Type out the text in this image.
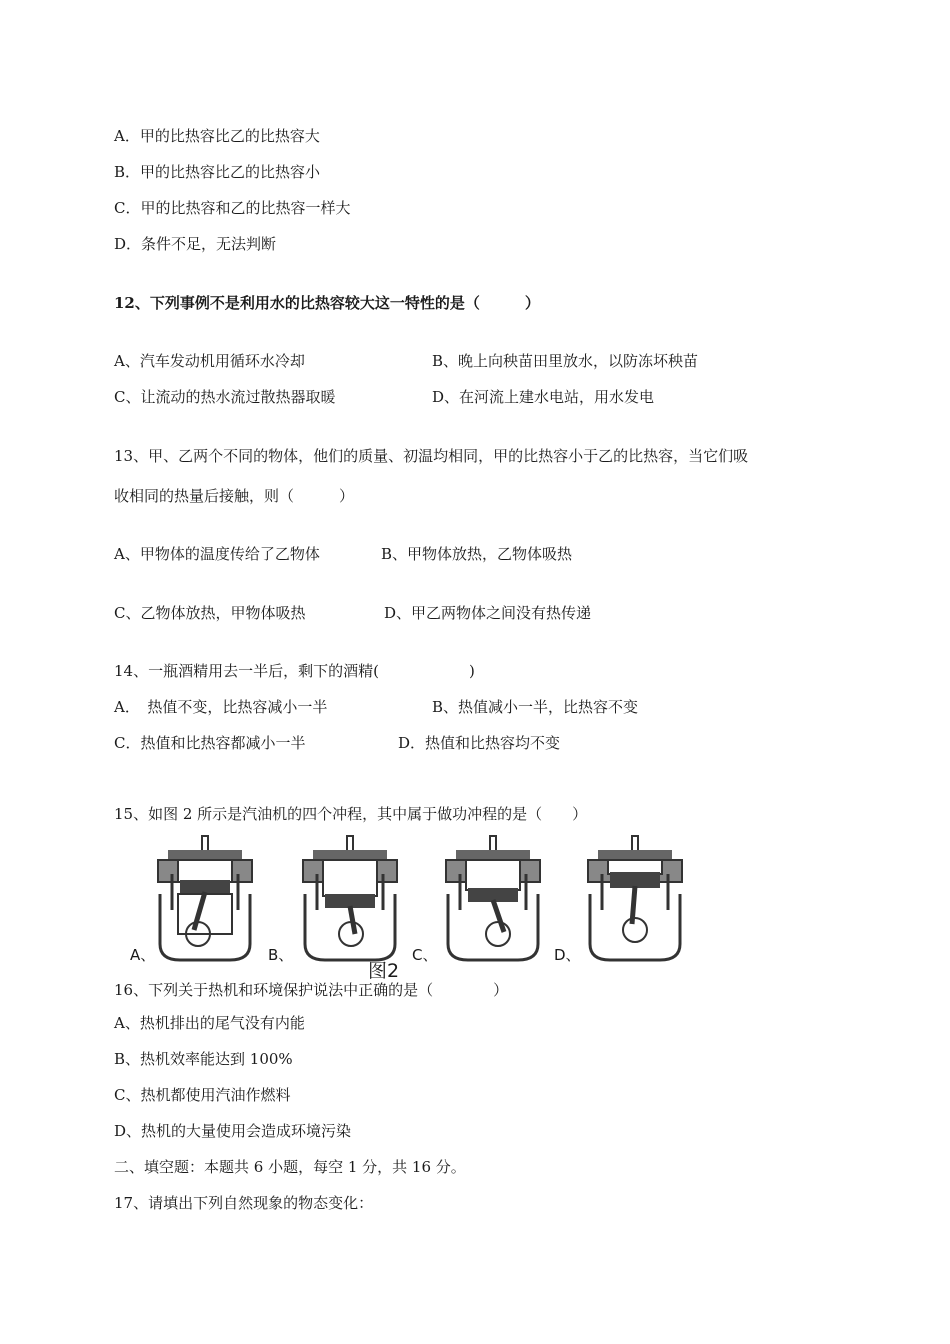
A．甲的比热容比乙的比热容大
B．甲的比热容比乙的比热容小
C．甲的比热容和乙的比热容一样大
D．条件不足，无法判断
12、下列事例不是利用水的比热容较大这一特性的是（　　　）
A、汽车发动机用循环水冷却	B、晚上向秧苗田里放水，以防冻坏秧苗
C、让流动的热水流过散热器取暖	D、在河流上建水电站，用水发电
13、甲、乙两个不同的物体，他们的质量、初温均相同，甲的比热容小于乙的比热容，当它们吸
收相同的热量后接触，则（　　　）
A、甲物体的温度传给了乙物体	B、甲物体放热，乙物体吸热
C、乙物体放热，甲物体吸热	D、甲乙两物体之间没有热传递
14、一瓶酒精用去一半后，剩下的酒精(　　　　　　)
A．　热值不变，比热容减小一半	B、热值减小一半，比热容不变
C．热值和比热容都减小一半	D．热值和比热容均不变
15、如图 2 所示是汽油机的四个冲程，其中属于做功冲程的是（　　）
A、	B、	C、	D、
图2
16、下列关于热机和环境保护说法中正确的是（　　　　）
A、热机排出的尾气没有内能
B、热机效率能达到 100%
C、热机都使用汽油作燃料
D、热机的大量使用会造成环境污染
二、填空题：本题共 6 小题，每空 1 分，共 16 分。
17、请填出下列自然现象的物态变化：
